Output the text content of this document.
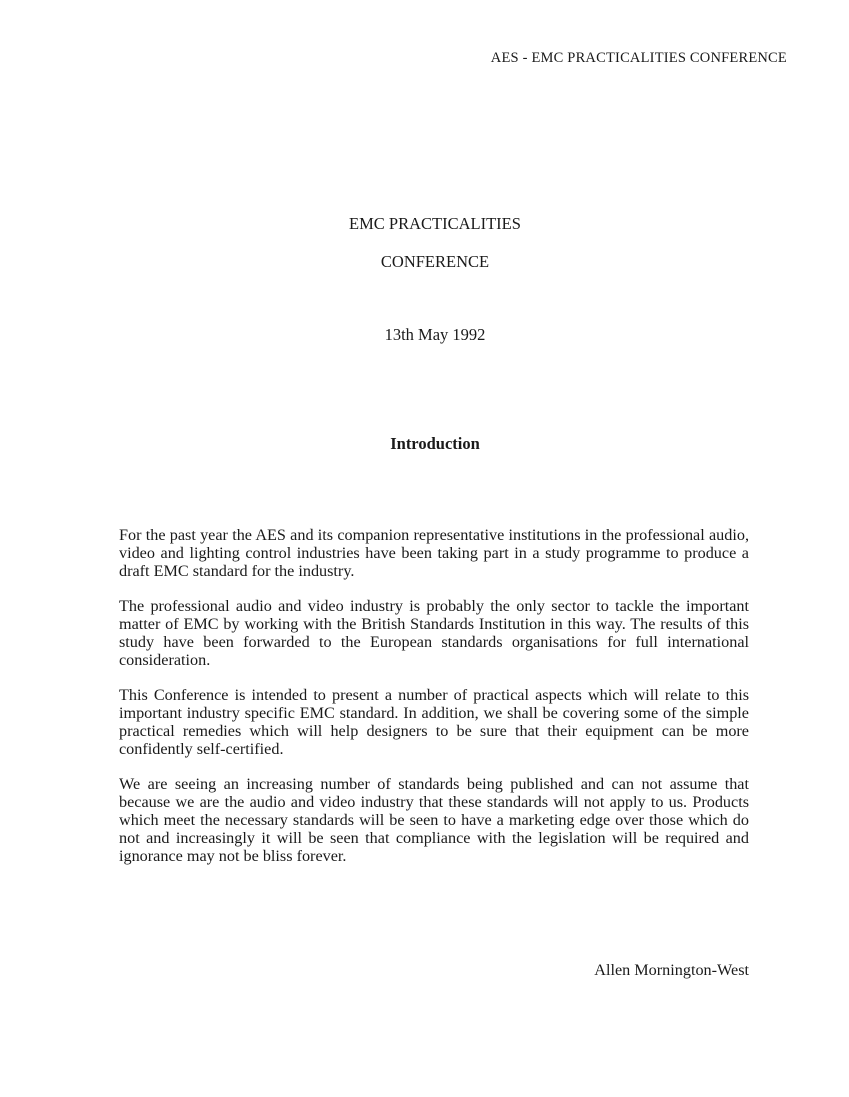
AES - EMC PRACTICALITIES CONFERENCE
EMC PRACTICALITIES
CONFERENCE
13th May 1992
Introduction

For the past year the AES and its companion representative institutions in the professional audio, video and lighting control industries have been taking part in a study programme to produce a draft EMC standard for the industry.

The professional audio and video industry is probably the only sector to tackle the important matter of EMC by working with the British Standards Institution in this way. The results of this study have been forwarded to the European standards organisations for full international consideration.

This Conference is intended to present a number of practical aspects which will relate to this important industry specific EMC standard. In addition, we shall be covering some of the simple practical remedies which will help designers to be sure that their equipment can be more confidently self-certified.

We are seeing an increasing number of standards being published and can not assume that because we are the audio and video industry that these standards will not apply to us. Products which meet the necessary standards will be seen to have a marketing edge over those which do not and increasingly it will be seen that compliance with the legislation will be required and ignorance may not be bliss forever.

Allen Mornington-West
